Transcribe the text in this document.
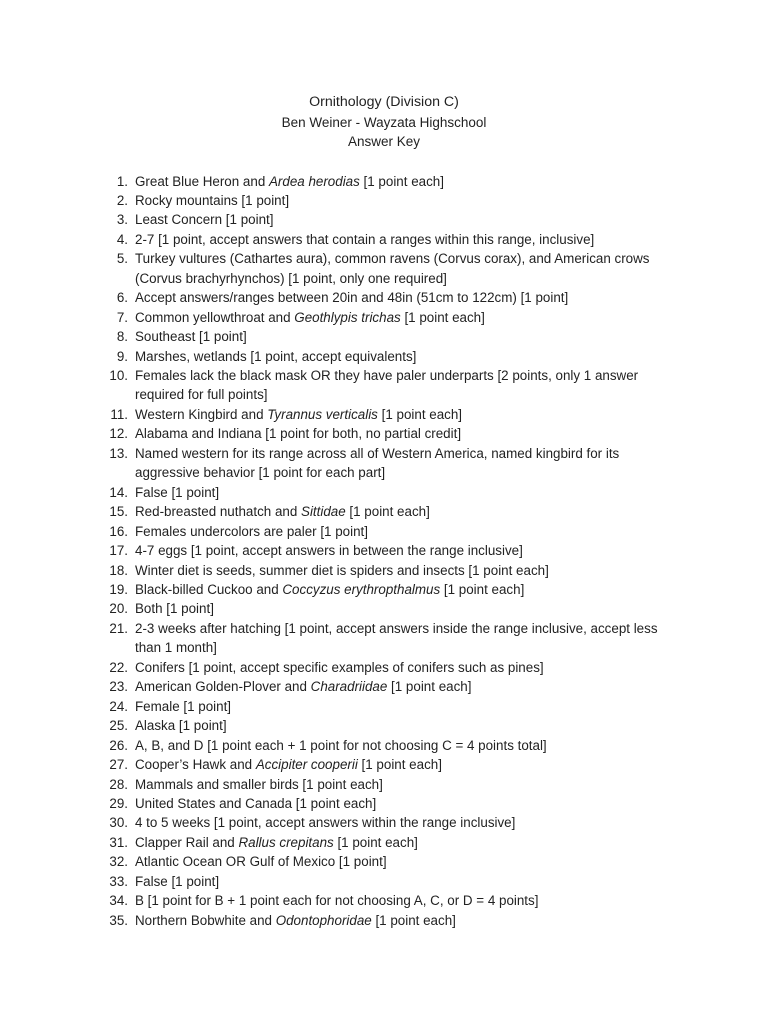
Ornithology (Division C)
Ben Weiner - Wayzata Highschool
Answer Key
1. Great Blue Heron and Ardea herodias [1 point each]
2. Rocky mountains [1 point]
3. Least Concern [1 point]
4. 2-7 [1 point, accept answers that contain a ranges within this range, inclusive]
5. Turkey vultures (Cathartes aura), common ravens (Corvus corax), and American crows
(Corvus brachyrhynchos) [1 point, only one required]
6. Accept answers/ranges between 20in and 48in (51cm to 122cm) [1 point]
7. Common yellowthroat and Geothlypis trichas [1 point each]
8. Southeast [1 point]
9. Marshes, wetlands [1 point, accept equivalents]
10. Females lack the black mask OR they have paler underparts [2 points, only 1 answer
required for full points]
11. Western Kingbird and Tyrannus verticalis [1 point each]
12. Alabama and Indiana [1 point for both, no partial credit]
13. Named western for its range across all of Western America, named kingbird for its
aggressive behavior [1 point for each part]
14. False [1 point]
15. Red-breasted nuthatch and Sittidae [1 point each]
16. Females undercolors are paler [1 point]
17. 4-7 eggs [1 point, accept answers in between the range inclusive]
18. Winter diet is seeds, summer diet is spiders and insects [1 point each]
19. Black-billed Cuckoo and Coccyzus erythropthalmus [1 point each]
20. Both [1 point]
21. 2-3 weeks after hatching [1 point, accept answers inside the range inclusive, accept less
than 1 month]
22. Conifers [1 point, accept specific examples of conifers such as pines]
23. American Golden-Plover and Charadriidae [1 point each]
24. Female [1 point]
25. Alaska [1 point]
26. A, B, and D [1 point each + 1 point for not choosing C = 4 points total]
27. Cooper’s Hawk and Accipiter cooperii [1 point each]
28. Mammals and smaller birds [1 point each]
29. United States and Canada [1 point each]
30. 4 to 5 weeks [1 point, accept answers within the range inclusive]
31. Clapper Rail and Rallus crepitans [1 point each]
32. Atlantic Ocean OR Gulf of Mexico [1 point]
33. False [1 point]
34. B [1 point for B + 1 point each for not choosing A, C, or D = 4 points]
35. Northern Bobwhite and Odontophoridae [1 point each]
